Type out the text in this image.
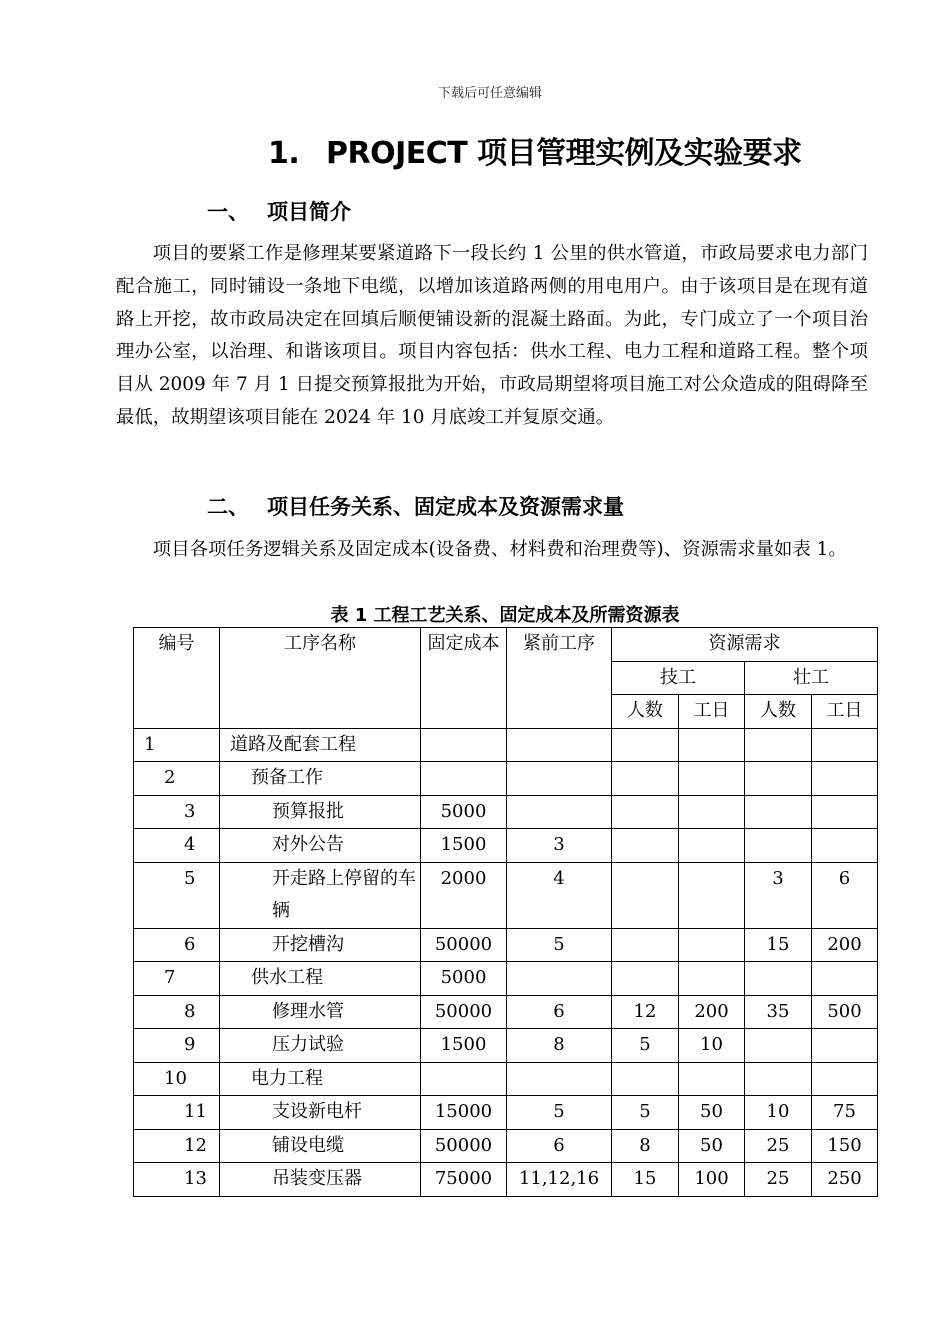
下载后可任意编辑
1. PROJECT 项目管理实例及实验要求
一、 项目简介

项目的要紧工作是修理某要紧道路下一段长约 1 公里的供水管道，市政局要求电力部门配合施工，同时铺设一条地下电缆，以增加该道路两侧的用电用户。由于该项目是在现有道路上开挖，故市政局决定在回填后顺便铺设新的混凝土路面。为此，专门成立了一个项目治理办公室，以治理、和谐该项目。项目内容包括：供水工程、电力工程和道路工程。整个项目从 2009 年 7 月 1 日提交预算报批为开始，市政局期望将项目施工对公众造成的阻碍降至最低，故期望该项目能在 2024 年 10 月底竣工并复原交通。

二、 项目任务关系、固定成本及资源需求量

项目各项任务逻辑关系及固定成本(设备费、材料费和治理费等)、资源需求量如表 1。

表 1 工程工艺关系、固定成本及所需资源表
编号	工序名称	固定成本	紧前工序	资源需求			
				技工		壮工	
				人数	工日	人数	工日
1	道路及配套工程						
2	预备工作						
3	预算报批	5000					
4	对外公告	1500	3				
5	开走路上停留的车辆	2000	4			3	6
6	开挖槽沟	50000	5			15	200
7	供水工程	5000					
8	修理水管	50000	6	12	200	35	500
9	压力试验	1500	8	5	10		
10	电力工程						
11	支设新电杆	15000	5	5	50	10	75
12	铺设电缆	50000	6	8	50	25	150
13	吊装变压器	75000	11,12,16	15	100	25	250
